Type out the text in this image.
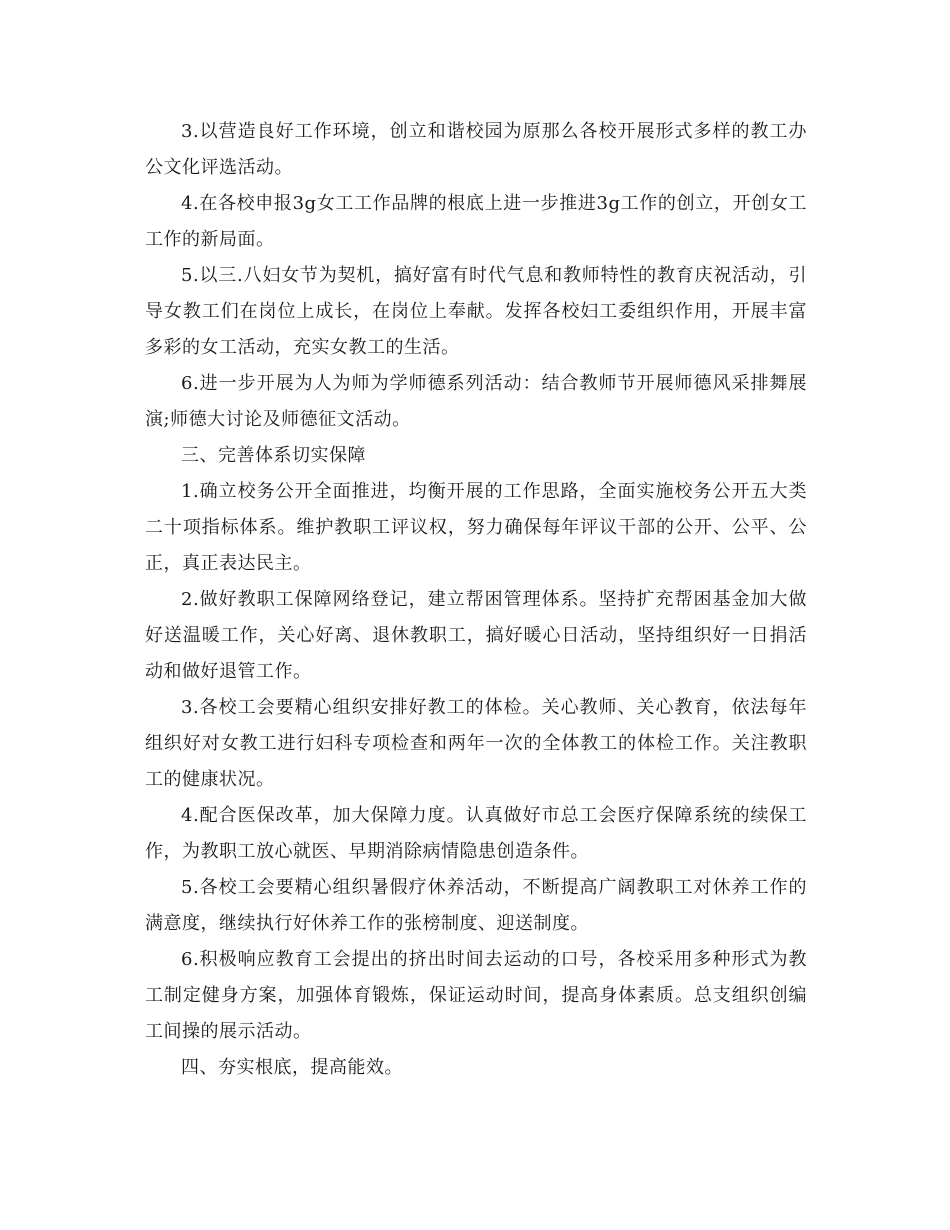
3.以营造良好工作环境，创立和谐校园为原那么各校开展形式多样的教工办公文化评选活动。

4.在各校申报3g女工工作品牌的根底上进一步推进3g工作的创立，开创女工工作的新局面。

5.以三.八妇女节为契机，搞好富有时代气息和教师特性的教育庆祝活动，引导女教工们在岗位上成长，在岗位上奉献。发挥各校妇工委组织作用，开展丰富多彩的女工活动，充实女教工的生活。

6.进一步开展为人为师为学师德系列活动：结合教师节开展师德风采排舞展演;师德大讨论及师德征文活动。

三、完善体系切实保障

1.确立校务公开全面推进，均衡开展的工作思路，全面实施校务公开五大类二十项指标体系。维护教职工评议权，努力确保每年评议干部的公开、公平、公正，真正表达民主。

2.做好教职工保障网络登记，建立帮困管理体系。坚持扩充帮困基金加大做好送温暖工作，关心好离、退休教职工，搞好暖心日活动，坚持组织好一日捐活动和做好退管工作。

3.各校工会要精心组织安排好教工的体检。关心教师、关心教育，依法每年组织好对女教工进行妇科专项检查和两年一次的全体教工的体检工作。关注教职工的健康状况。

4.配合医保改革，加大保障力度。认真做好市总工会医疗保障系统的续保工作，为教职工放心就医、早期消除病情隐患创造条件。

5.各校工会要精心组织暑假疗休养活动，不断提高广阔教职工对休养工作的满意度，继续执行好休养工作的张榜制度、迎送制度。

6.积极响应教育工会提出的挤出时间去运动的口号，各校采用多种形式为教工制定健身方案，加强体育锻炼，保证运动时间，提高身体素质。总支组织创编工间操的展示活动。

四、夯实根底，提高能效。
